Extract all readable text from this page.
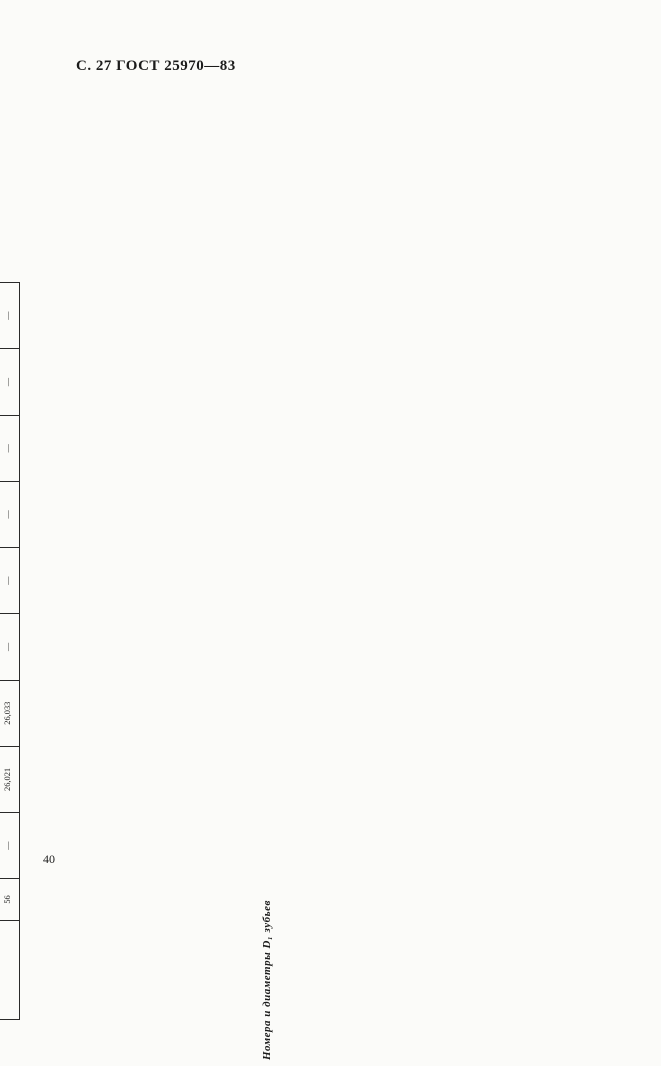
С. 27 ГОСТ 25970—83
Номера и диаметры D₁ зубьев

	56	—	26,021	26,033	—	—	—	—	—	—
40
